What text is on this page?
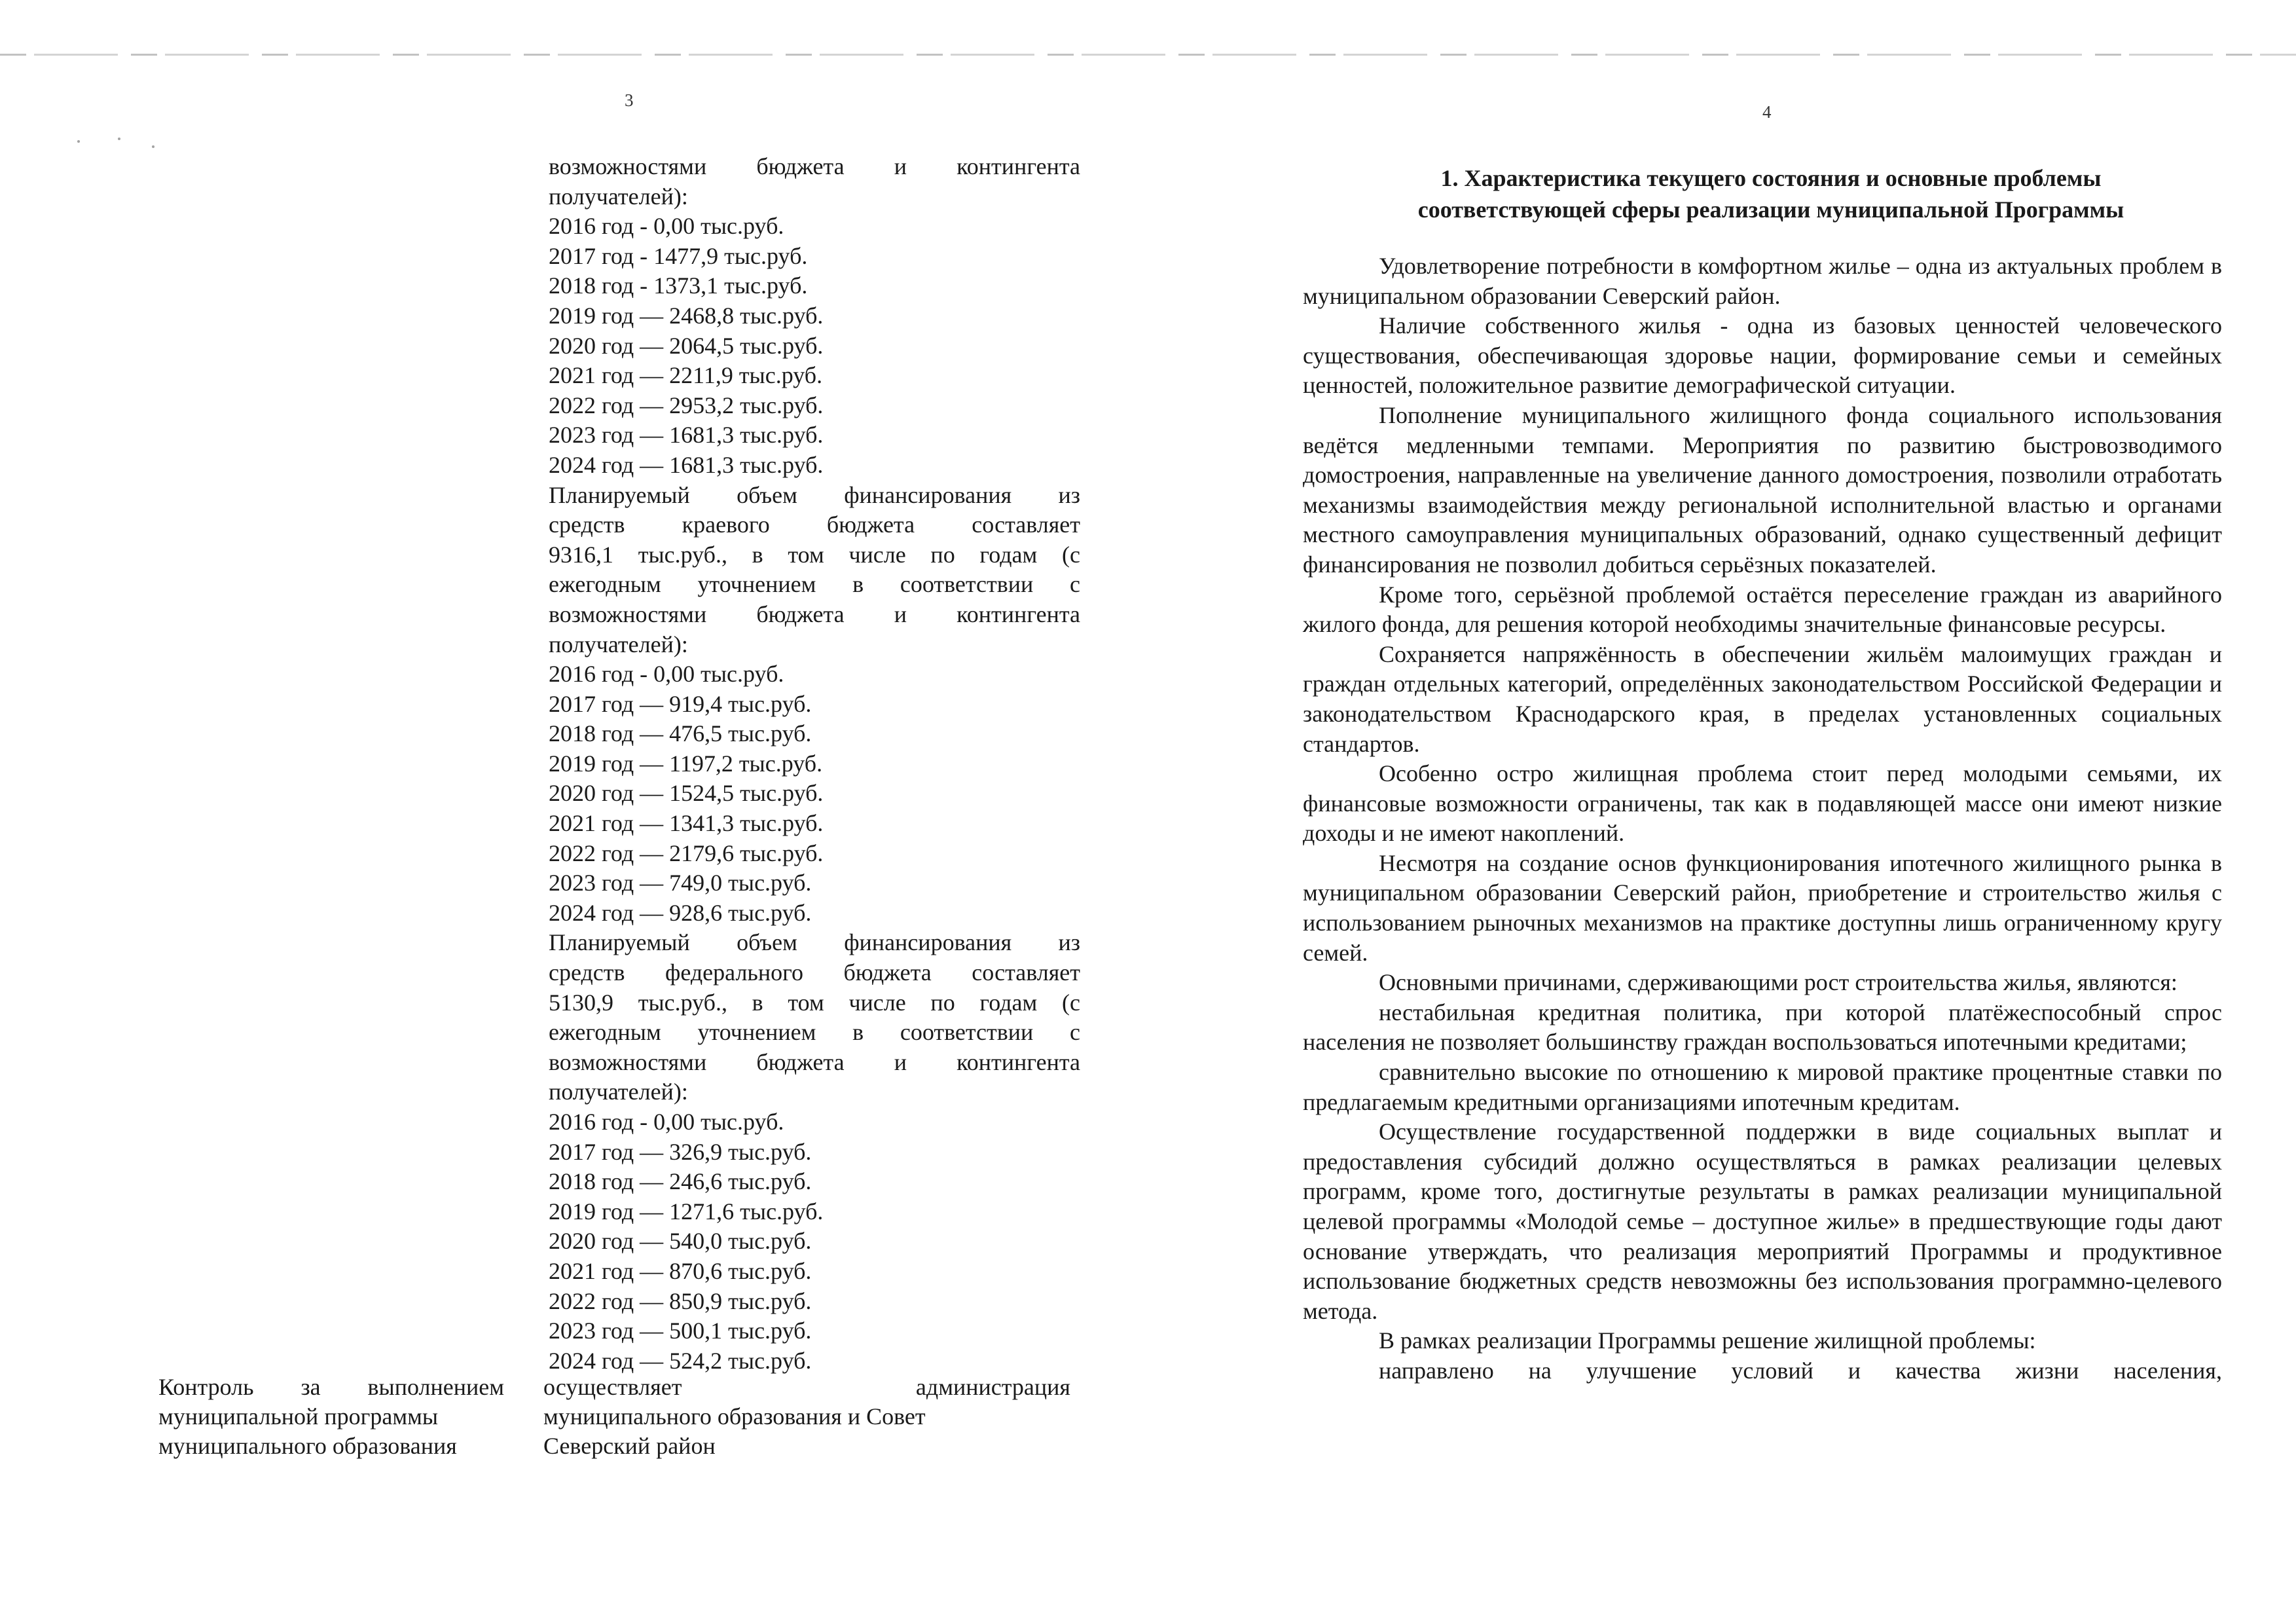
3
возможностями бюджета и контингента
получателей):
2016 год - 0,00 тыс.руб.
2017 год - 1477,9 тыс.руб.
2018 год - 1373,1 тыс.руб.
2019 год — 2468,8 тыс.руб.
2020 год — 2064,5 тыс.руб.
2021 год — 2211,9 тыс.руб.
2022 год — 2953,2 тыс.руб.
2023 год — 1681,3 тыс.руб.
2024 год — 1681,3 тыс.руб.
Планируемый объем финансирования из
средств краевого бюджета составляет
9316,1 тыс.руб., в том числе по годам (с
ежегодным уточнением в соответствии с
возможностями бюджета и контингента
получателей):
2016 год - 0,00 тыс.руб.
2017 год — 919,4 тыс.руб.
2018 год — 476,5 тыс.руб.
2019 год — 1197,2 тыс.руб.
2020 год — 1524,5 тыс.руб.
2021 год — 1341,3 тыс.руб.
2022 год — 2179,6 тыс.руб.
2023 год — 749,0 тыс.руб.
2024 год — 928,6 тыс.руб.
Планируемый объем финансирования из
средств федерального бюджета составляет
5130,9 тыс.руб., в том числе по годам (с
ежегодным уточнением в соответствии с
возможностями бюджета и контингента
получателей):
2016 год - 0,00 тыс.руб.
2017 год — 326,9 тыс.руб.
2018 год — 246,6 тыс.руб.
2019 год — 1271,6 тыс.руб.
2020 год — 540,0 тыс.руб.
2021 год — 870,6 тыс.руб.
2022 год — 850,9 тыс.руб.
2023 год — 500,1 тыс.руб.
2024 год — 524,2 тыс.руб.
Контроль за выполнением
муниципальной программы
муниципального образования
осуществляет администрация
муниципального образования и Совет
Северский район
4
1. Характеристика текущего состояния и основные проблемы
соответствующей сферы реализации муниципальной Программы
Удовлетворение потребности в комфортном жилье – одна из актуальных проблем в муниципальном образовании Северский район.
Наличие собственного жилья - одна из базовых ценностей человеческого существования, обеспечивающая здоровье нации, формирование семьи и семейных ценностей, положительное развитие демографической ситуации.
Пополнение муниципального жилищного фонда социального использования ведётся медленными темпами. Мероприятия по развитию быстровозводимого домостроения, направленные на увеличение данного домостроения, позволили отработать механизмы взаимодействия между региональной исполнительной властью и органами местного самоуправления муниципальных образований, однако существенный дефицит финансирования не позволил добиться серьёзных показателей.
Кроме того, серьёзной проблемой остаётся переселение граждан из аварийного жилого фонда, для решения которой необходимы значительные финансовые ресурсы.
Сохраняется напряжённость в обеспечении жильём малоимущих граждан и граждан отдельных категорий, определённых законодательством Российской Федерации и законодательством Краснодарского края, в пределах установленных социальных стандартов.
Особенно остро жилищная проблема стоит перед молодыми семьями, их финансовые возможности ограничены, так как в подавляющей массе они имеют низкие доходы и не имеют накоплений.
Несмотря на создание основ функционирования ипотечного жилищного рынка в муниципальном образовании Северский район, приобретение и строительство жилья с использованием рыночных механизмов на практике доступны лишь ограниченному кругу семей.
Основными причинами, сдерживающими рост строительства жилья, являются:
нестабильная кредитная политика, при которой платёжеспособный спрос населения не позволяет большинству граждан воспользоваться ипотечными кредитами;
сравнительно высокие по отношению к мировой практике процентные ставки по предлагаемым кредитными организациями ипотечным кредитам.
Осуществление государственной поддержки в виде социальных выплат и предоставления субсидий должно осуществляться в рамках реализации целевых программ, кроме того, достигнутые результаты в рамках реализации муниципальной целевой программы «Молодой семье – доступное жилье» в предшествующие годы дают основание утверждать, что реализация мероприятий Программы и продуктивное использование бюджетных средств невозможны без использования программно-целевого метода.
В рамках реализации Программы решение жилищной проблемы:
направлено на улучшение условий и качества жизни населения,
